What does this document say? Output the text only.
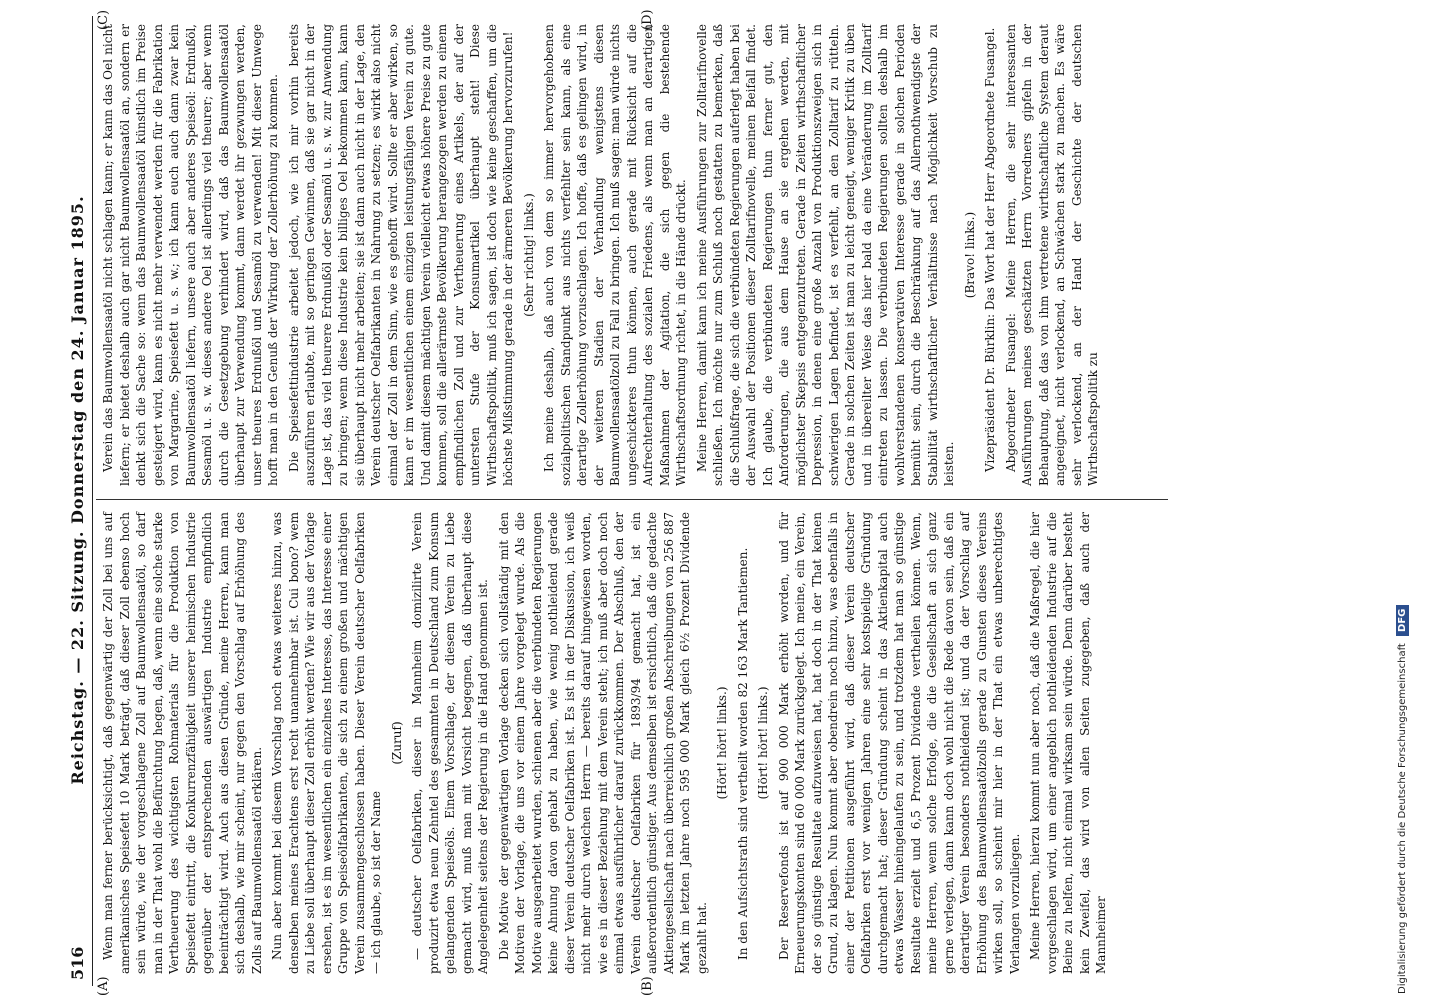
516
Reichstag. — 22. Sitzung. Donnerstag den 24. Januar 1895.
(A)	(B)
(C)	(D)

Wenn man ferner berücksichtigt, daß gegenwärtig der Zoll bei uns auf amerikanisches Speisefett 10 Mark beträgt, daß dieser Zoll ebenso hoch sein würde, wie der vorgeschlagene Zoll auf Baumwollensaatöl, so darf man in der That wohl die Befürchtung hegen, daß, wenn eine solche starke Vertheuerung des wichtigsten Rohmaterials für die Produktion von Speisefett eintritt, die Konkurrenzfähigkeit unserer heimischen Industrie gegenüber der entsprechenden auswärtigen Industrie empfindlich beeinträchtigt wird. Auch aus diesen Gründe, meine Herren, kann man sich deshalb, wie mir scheint, nur gegen den Vorschlag auf Erhöhung des Zolls auf Baumwollensaatöl erklären. Nun aber kommt bei diesem Vorschlag noch etwas weiteres hinzu, was denselben meines Erachtens erst recht unannehmbar ist. Cui bono? wem zu Liebe soll überhaupt dieser Zoll erhöht werden? Wie wir aus der Vorlage ersehen, ist es im wesentlichen ein einzelnes Interesse, das Interesse einer Gruppe von Speiseölfabrikanten, die sich zu einem großen und mächtigen Verein zusammengeschlossen haben. Dieser Verein deutscher Oelfabriken — ich glaube, so ist der Name

(Zuruf) — deutscher Oelfabriken, dieser in Mannheim domizilirte Verein produzirt etwa neun Zehntel des gesammten in Deutschland zum Konsum gelangenden Speiseöls. Einem Vorschlage, der diesem Verein zu Liebe gemacht wird, muß man mit Vorsicht begegnen, daß überhaupt diese Angelegenheit seitens der Regierung in die Hand genommen ist. Die Motive der gegenwärtigen Vorlage decken sich vollständig mit den Motiven der Vorlage, die uns vor einem Jahre vorgelegt wurde. Als die Motive ausgearbeitet wurden, schienen aber die verbündeten Regierungen keine Ahnung davon gehabt zu haben, wie wenig nothleidend gerade dieser Verein deutscher Oelfabriken ist. Es ist in der Diskussion, ich weiß nicht mehr durch welchen Herrn — bereits darauf hingewiesen worden, wie es in dieser Beziehung mit dem Verein steht; ich muß aber doch noch einmal etwas ausführlicher darauf zurückkommen. Der Abschluß, den der Verein deutscher Oelfabriken für 1893/94 gemacht hat, ist ein außerordentlich günstiger. Aus demselben ist ersichtlich, daß die gedachte Aktiengesellschaft nach überreichlich großen Abschreibungen von 256 887 Mark im letzten Jahre noch 595 000 Mark gleich 6½ Prozent Dividende gezahlt hat.

(Hört! hört! links.) In den Aufsichtsrath sind vertheilt worden 82 163 Mark Tantiemen. (Hört! hört! links.) Der Reservefonds ist auf 900 000 Mark erhöht worden, und für Erneuerungskonten sind 60 000 Mark zurückgelegt. Ich meine, ein Verein, der so günstige Resultate aufzuweisen hat, hat doch in der That keinen Grund, zu klagen. Nun kommt aber obendrein noch hinzu, was ebenfalls in einer der Petitionen ausgeführt wird, daß dieser Verein deutscher Oelfabriken erst vor wenigen Jahren eine sehr kostspielige Gründung durchgemacht hat; dieser Gründung scheint in das Aktienkapital auch etwas Wasser hineingelaufen zu sein, und trotzdem hat man so günstige Resultate erzielt und 6,5 Prozent Dividende vertheilen können. Wenn, meine Herren, wenn solche Erfolge, die die Gesellschaft an sich ganz gerne verlegen, dann kann doch wohl nicht die Rede davon sein, daß ein derartiger Verein besonders nothleidend ist; und da der Vorschlag auf Erhöhung des Baumwollensaatölzolls gerade zu Gunsten dieses Vereins wirken soll, so scheint mir hier in der That ein etwas unberechtigtes Verlangen vorzuliegen. Meine Herren, hierzu kommt nun aber noch, daß die Maßregel, die hier vorgeschlagen wird, um einer angeblich nothleidenden Industrie auf die Beine zu helfen, nicht einmal wirksam sein würde. Denn darüber besteht kein Zweifel, das wird von allen Seiten zugegeben, daß auch der Mannheimer

Verein das Baumwollensaatöl nicht schlagen kann; er kann das Oel nicht liefern; er bietet deshalb auch gar nicht Baumwollensaatöl an, sondern er denkt sich die Sache so: wenn das Baumwollensaatöl künstlich im Preise gesteigert wird, kann es nicht mehr verwendet werden für die Fabrikation von Margarine, Speisefett u. s. w.; ich kann euch auch dann zwar kein Baumwollensaatöl liefern, unsere auch aber anderes Speiseöl: Erdnußöl, Sesamöl u. s. w. dieses andere Oel ist allerdings viel theurer; aber wenn durch die Gesetzgebung verhindert wird, daß das Baumwollensaatöl überhaupt zur Verwendung kommt, dann werdet ihr gezwungen werden, unser theures Erdnußöl und Sesamöl zu verwenden! Mit dieser Umwege hofft man in den Genuß der Wirkung der Zollerhöhung zu kommen. Die Speisefettindustrie arbeitet jedoch, wie ich mir vorhin bereits auszuführen erlaubte, mit so geringen Gewinnen, daß sie gar nicht in der Lage ist, das viel theurere Erdnußöl oder Sesamöl u. s. w. zur Anwendung zu bringen; wenn diese Industrie kein billiges Oel bekommen kann, kann sie überhaupt nicht mehr arbeiten; sie ist dann auch nicht in der Lage, den Verein deutscher Oelfabrikanten in Nahrung zu setzen; es wirkt also nicht einmal der Zoll in dem Sinn, wie es gehofft wird. Sollte er aber wirken, so kann er im wesentlichen einem einzigen leistungsfähigen Verein zu gute. Und damit diesem mächtigen Verein vielleicht etwas höhere Preise zu gute kommen, soll die allerärmste Bevölkerung herangezogen werden zu einem empfindlichen Zoll und zur Vertheuerung eines Artikels, der auf der untersten Stufe der Konsumartikel überhaupt steht! Diese Wirthschaftspolitik, muß ich sagen, ist doch wie keine geschaffen, um die höchste Mißstimmung gerade in der ärmeren Bevölkerung hervorzurufen! (Sehr richtig! links.) Ich meine deshalb, daß auch von dem so immer hervorgehobenen sozialpolitischen Standpunkt aus nichts verfehlter sein kann, als eine derartige Zollerhöhung vorzuschlagen. Ich hoffe, daß es gelingen wird, in der weiteren Stadien der Verhandlung wenigstens diesen Baumwollensaatölzoll zu Fall zu bringen. Ich muß sagen: man würde nichts ungeschickteres thun können, auch gerade mit Rücksicht auf die Aufrechterhaltung des sozialen Friedens, als wenn man an derartigen Maßnahmen der Agitation, die sich gegen die bestehende Wirthschaftsordnung richtet, in die Hände drückt. Meine Herren, damit kann ich meine Ausführungen zur Zolltarifnovelle schließen. Ich möchte nur zum Schluß noch gestatten zu bemerken, daß die Schlußfrage, die sich die verbündeten Regierungen auferlegt haben bei der Auswahl der Positionen dieser Zolltarifnovelle, meinen Beifall findet. Ich glaube, die verbündeten Regierungen thun ferner gut, den Anforderungen, die aus dem Hause an sie ergehen werden, mit möglichster Skepsis entgegenzutreten. Gerade in Zeiten wirthschaftlicher Depression, in denen eine große Anzahl von Produktionszweigen sich in schwierigen Lagen befindet, ist es verfehlt, an den Zolltarif zu rütteln. Gerade in solchen Zeiten ist man zu leicht geneigt, weniger Kritik zu üben und in übereilter Weise das hier bald da eine Veränderung im Zolltarif eintreten zu lassen. Die verbündeten Regierungen sollten deshalb im wohlverstandenen konservativen Interesse gerade in solchen Perioden bemüht sein, durch die Beschränkung auf das Allernothwendigste der Stabilität wirthschaftlicher Verhältnisse nach Möglichkeit Vorschub zu leisten.

(Bravo! links.) Vizepräsident Dr. Bürklin: Das Wort hat der Herr Abgeordnete Fusangel. Abgeordneter Fusangel: Meine Herren, die sehr interessanten Ausführungen meines geschätzten Herrn Vorredners gipfeln in der Behauptung, daß das von ihm vertretene wirthschaftliche System deraut angeeignet, nicht verlockend, an Schwächen stark zu machen. Es wäre sehr verlockend, an der Hand der Geschichte der deutschen Wirthschaftspolitik zu

Digitalisierung gefördert durch die Deutsche Forschungsgemeinschaft DFG
